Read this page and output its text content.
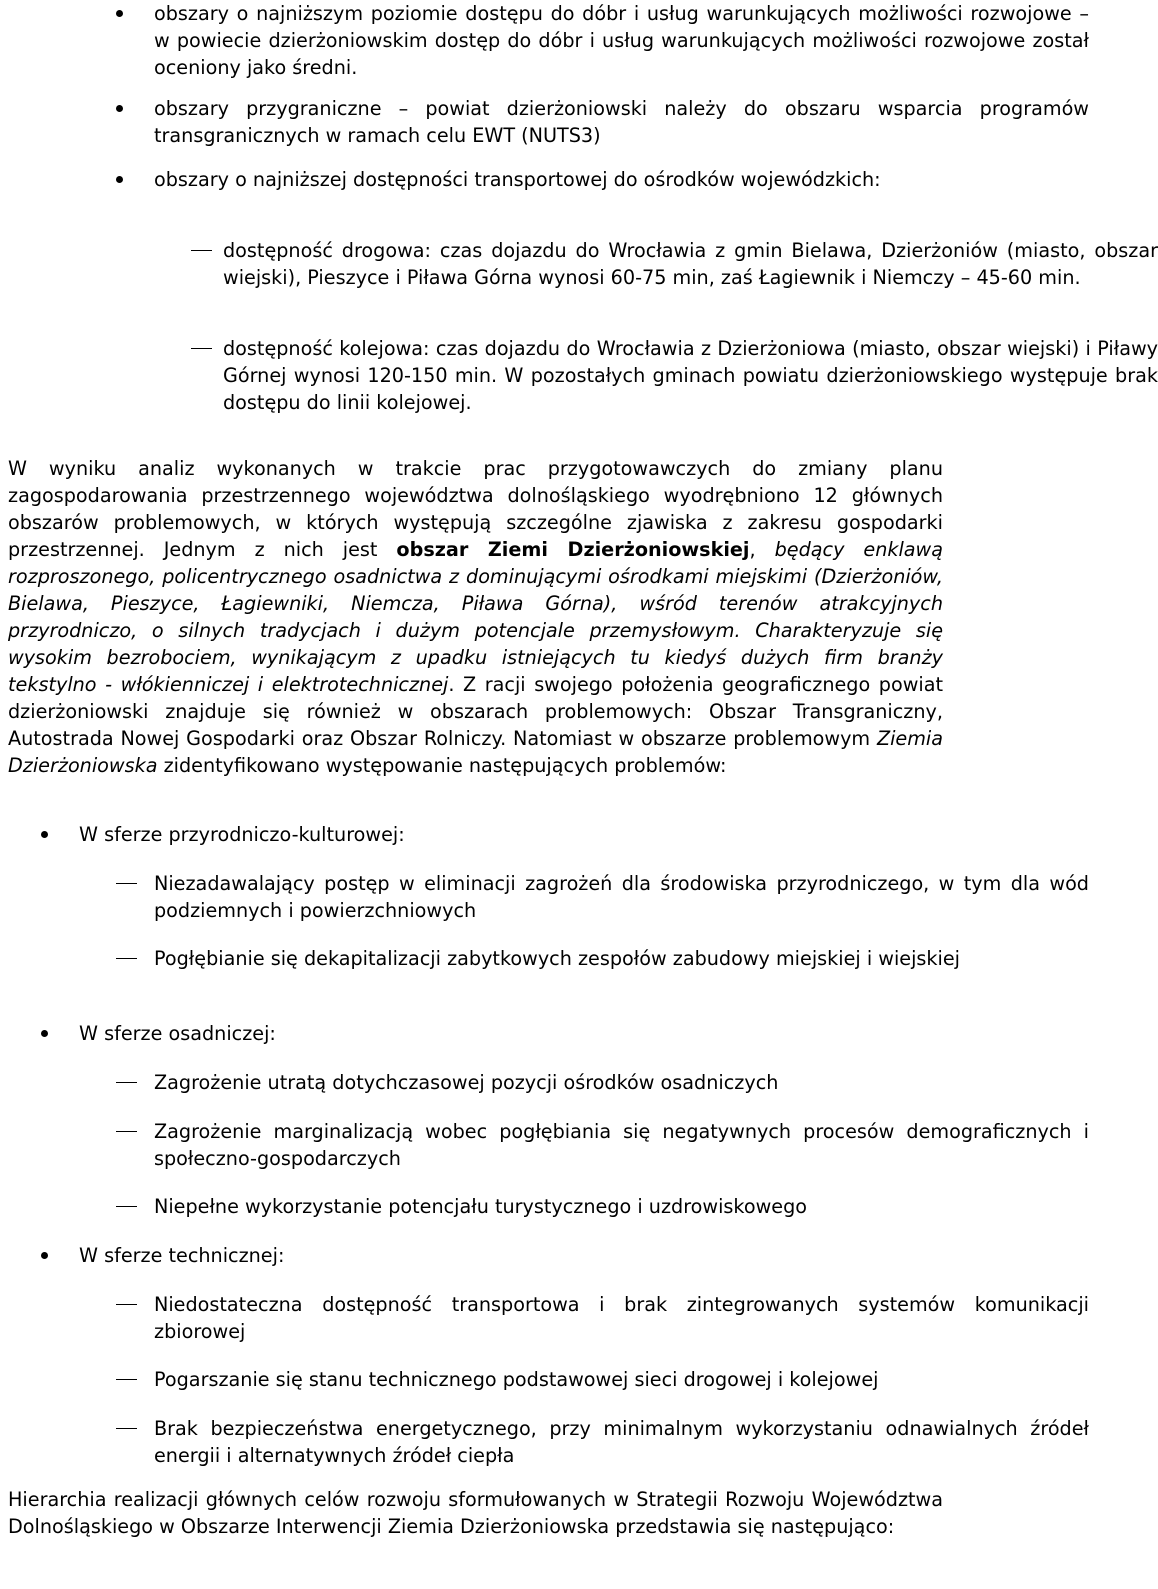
obszary o najniższym poziomie dostępu do dóbr i usług warunkujących możliwości rozwojowe – w powiecie dzierżoniowskim dostęp do dóbr i usług warunkujących możliwości rozwojowe został oceniony jako średni.

obszary przygraniczne – powiat dzierżoniowski należy do obszaru wsparcia programów transgranicznych w ramach celu EWT (NUTS3)

obszary o najniższej dostępności transportowej do ośrodków wojewódzkich:

dostępność drogowa: czas dojazdu do Wrocławia z gmin Bielawa, Dzierżoniów (miasto, obszar wiejski), Pieszyce i Piława Górna wynosi 60-75 min, zaś Łagiewnik i Niemczy – 45-60 min.

dostępność kolejowa: czas dojazdu do Wrocławia z Dzierżoniowa (miasto, obszar wiejski) i Piławy Górnej wynosi 120-150 min. W pozostałych gminach powiatu dzierżoniowskiego występuje brak dostępu do linii kolejowej.

W wyniku analiz wykonanych w trakcie prac przygotowawczych do zmiany planu zagospodarowania przestrzennego województwa dolnośląskiego wyodrębniono 12 głównych obszarów problemowych, w których występują szczególne zjawiska z zakresu gospodarki przestrzennej. Jednym z nich jest obszar Ziemi Dzierżoniowskiej, będący enklawą rozproszonego, policentrycznego osadnictwa z dominującymi ośrodkami miejskimi (Dzierżoniów, Bielawa, Pieszyce, Łagiewniki, Niemcza, Piława Górna), wśród terenów atrakcyjnych przyrodniczo, o silnych tradycjach i dużym potencjale przemysłowym. Charakteryzuje się wysokim bezrobociem, wynikającym z upadku istniejących tu kiedyś dużych firm branży tekstylno - włókienniczej i elektrotechnicznej. Z racji swojego położenia geograficznego powiat dzierżoniowski znajduje się również w obszarach problemowych: Obszar Transgraniczny, Autostrada Nowej Gospodarki oraz Obszar Rolniczy. Natomiast w obszarze problemowym Ziemia Dzierżoniowska zidentyfikowano występowanie następujących problemów:

W sferze przyrodniczo-kulturowej:

Niezadawalający postęp w eliminacji zagrożeń dla środowiska przyrodniczego, w tym dla wód podziemnych i powierzchniowych

Pogłębianie się dekapitalizacji zabytkowych zespołów zabudowy miejskiej i wiejskiej

W sferze osadniczej:

Zagrożenie utratą dotychczasowej pozycji ośrodków osadniczych

Zagrożenie marginalizacją wobec pogłębiania się negatywnych procesów demograficznych i społeczno-gospodarczych

Niepełne wykorzystanie potencjału turystycznego i uzdrowiskowego

W sferze technicznej:

Niedostateczna dostępność transportowa i brak zintegrowanych systemów komunikacji zbiorowej

Pogarszanie się stanu technicznego podstawowej sieci drogowej i kolejowej

Brak bezpieczeństwa energetycznego, przy minimalnym wykorzystaniu odnawialnych źródeł energii i alternatywnych źródeł ciepła

Hierarchia realizacji głównych celów rozwoju sformułowanych w Strategii Rozwoju Województwa Dolnośląskiego w Obszarze Interwencji Ziemia Dzierżoniowska przedstawia się następująco:
